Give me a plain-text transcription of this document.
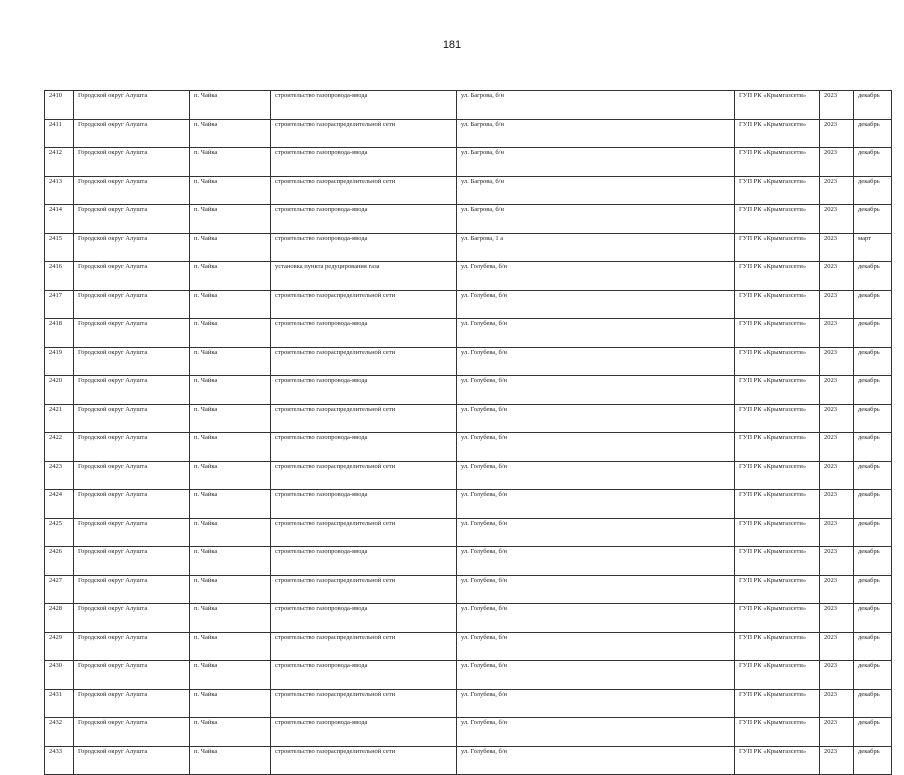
181
2410	Городской округ Алушта	п. Чайка	строительство газопровода-ввода	ул. Багрова, б/н	ГУП РК «Крымгазсети»	2023	декабрь
2411	Городской округ Алушта	п. Чайка	строительство газораспределительной сети	ул. Багрова, б/н	ГУП РК «Крымгазсети»	2023	декабрь
2412	Городской округ Алушта	п. Чайка	строительство газопровода-ввода	ул. Багрова, б/н	ГУП РК «Крымгазсети»	2023	декабрь
2413	Городской округ Алушта	п. Чайка	строительство газораспределительной сети	ул. Багрова, б/н	ГУП РК «Крымгазсети»	2023	декабрь
2414	Городской округ Алушта	п. Чайка	строительство газопровода-ввода	ул. Багрова, б/н	ГУП РК «Крымгазсети»	2023	декабрь
2415	Городской округ Алушта	п. Чайка	строительство газопровода-ввода	ул. Багрова, 1 а	ГУП РК «Крымгазсети»	2023	март
2416	Городской округ Алушта	п. Чайка	установка пункта редуцирования газа	ул. Голубева, б/н	ГУП РК «Крымгазсети»	2023	декабрь
2417	Городской округ Алушта	п. Чайка	строительство газораспределительной сети	ул. Голубева, б/н	ГУП РК «Крымгазсети»	2023	декабрь
2418	Городской округ Алушта	п. Чайка	строительство газопровода-ввода	ул. Голубева, б/н	ГУП РК «Крымгазсети»	2023	декабрь
2419	Городской округ Алушта	п. Чайка	строительство газораспределительной сети	ул. Голубева, б/н	ГУП РК «Крымгазсети»	2023	декабрь
2420	Городской округ Алушта	п. Чайка	строительство газопровода-ввода	ул. Голубева, б/н	ГУП РК «Крымгазсети»	2023	декабрь
2421	Городской округ Алушта	п. Чайка	строительство газораспределительной сети	ул. Голубева, б/н	ГУП РК «Крымгазсети»	2023	декабрь
2422	Городской округ Алушта	п. Чайка	строительство газопровода-ввода	ул. Голубева, б/н	ГУП РК «Крымгазсети»	2023	декабрь
2423	Городской округ Алушта	п. Чайка	строительство газораспределительной сети	ул. Голубева, б/н	ГУП РК «Крымгазсети»	2023	декабрь
2424	Городской округ Алушта	п. Чайка	строительство газопровода-ввода	ул. Голубева, б/н	ГУП РК «Крымгазсети»	2023	декабрь
2425	Городской округ Алушта	п. Чайка	строительство газораспределительной сети	ул. Голубева, б/н	ГУП РК «Крымгазсети»	2023	декабрь
2426	Городской округ Алушта	п. Чайка	строительство газопровода-ввода	ул. Голубева, б/н	ГУП РК «Крымгазсети»	2023	декабрь
2427	Городской округ Алушта	п. Чайка	строительство газораспределительной сети	ул. Голубева, б/н	ГУП РК «Крымгазсети»	2023	декабрь
2428	Городской округ Алушта	п. Чайка	строительство газопровода-ввода	ул. Голубева, б/н	ГУП РК «Крымгазсети»	2023	декабрь
2429	Городской округ Алушта	п. Чайка	строительство газораспределительной сети	ул. Голубева, б/н	ГУП РК «Крымгазсети»	2023	декабрь
2430	Городской округ Алушта	п. Чайка	строительство газопровода-ввода	ул. Голубева, б/н	ГУП РК «Крымгазсети»	2023	декабрь
2431	Городской округ Алушта	п. Чайка	строительство газораспределительной сети	ул. Голубева, б/н	ГУП РК «Крымгазсети»	2023	декабрь
2432	Городской округ Алушта	п. Чайка	строительство газопровода-ввода	ул. Голубева, б/н	ГУП РК «Крымгазсети»	2023	декабрь
2433	Городской округ Алушта	п. Чайка	строительство газораспределительной сети	ул. Голубева, б/н	ГУП РК «Крымгазсети»	2023	декабрь
